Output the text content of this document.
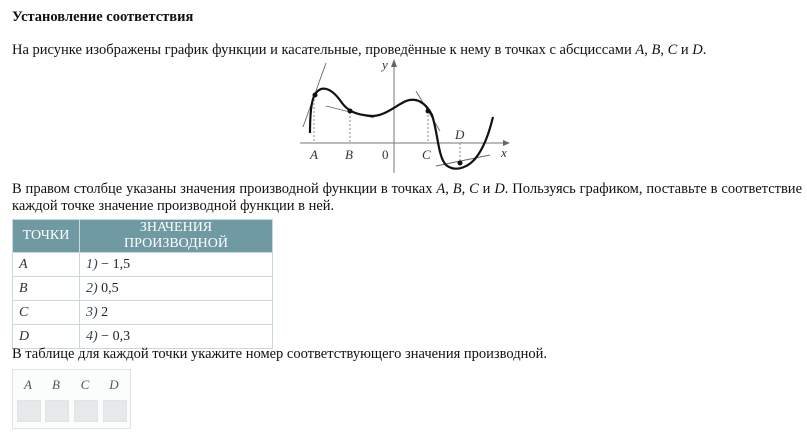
Установление соответствия
На рисунке изображены график функции и касательные, проведённые к нему в точках с абсциссами A, B, C и D.
y
x
0
A B	C
D
В правом столбце указаны значения производной функции в точках A, B, C и D. Пользуясь графиком, поставьте в соответствие каждой точке значение производной функции в ней.
ТОЧКИ	ЗНАЧЕНИЯ ПРОИЗВОДНОЙ
A	1) − 1,5
B	2) 0,5
C	3) 2
D	4) − 0,3
В таблице для каждой точки укажите номер соответствующего значения производной.
A	B	C	D
